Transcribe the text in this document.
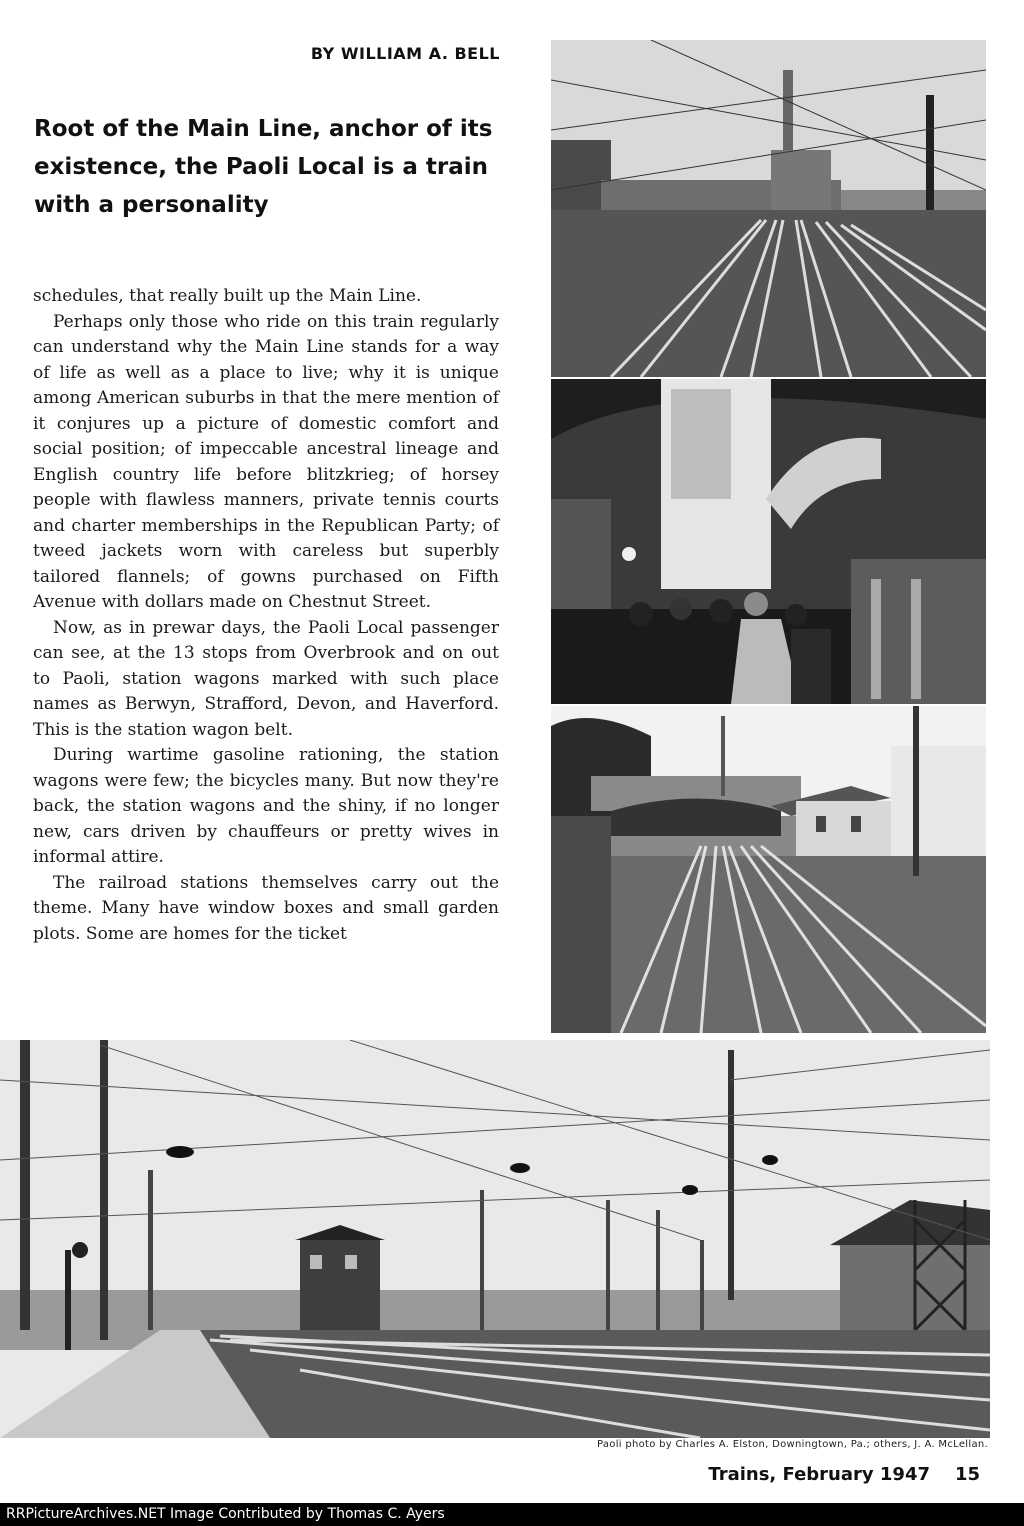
BY WILLIAM A. BELL
Root of the Main Line, anchor of its existence, the Paoli Local is a train with a personality

schedules, that really built up the Main Line.

Perhaps only those who ride on this train regularly can understand why the Main Line stands for a way of life as well as a place to live; why it is unique among American suburbs in that the mere mention of it conjures up a picture of domestic comfort and social position; of impeccable ancestral lineage and English country life before blitzkrieg; of horsey people with flawless manners, private tennis courts and charter memberships in the Republican Party; of tweed jackets worn with careless but superbly tailored flannels; of gowns purchased on Fifth Avenue with dollars made on Chestnut Street.

Now, as in prewar days, the Paoli Local passenger can see, at the 13 stops from Overbrook and on out to Paoli, station wagons marked with such place names as Berwyn, Strafford, Devon, and Haverford. This is the station wagon belt.

During wartime gasoline rationing, the station wagons were few; the bicycles many. But now they're back, the station wagons and the shiny, if no longer new, cars driven by chauffeurs or pretty wives in informal attire.

The railroad stations themselves carry out the theme. Many have window boxes and small garden plots. Some are homes for the ticket

Paoli photo by Charles A. Elston, Downingtown, Pa.; others, J. A. McLellan.
Trains, February 1947 15
RRPictureArchives.NET Image Contributed by Thomas C. Ayers
